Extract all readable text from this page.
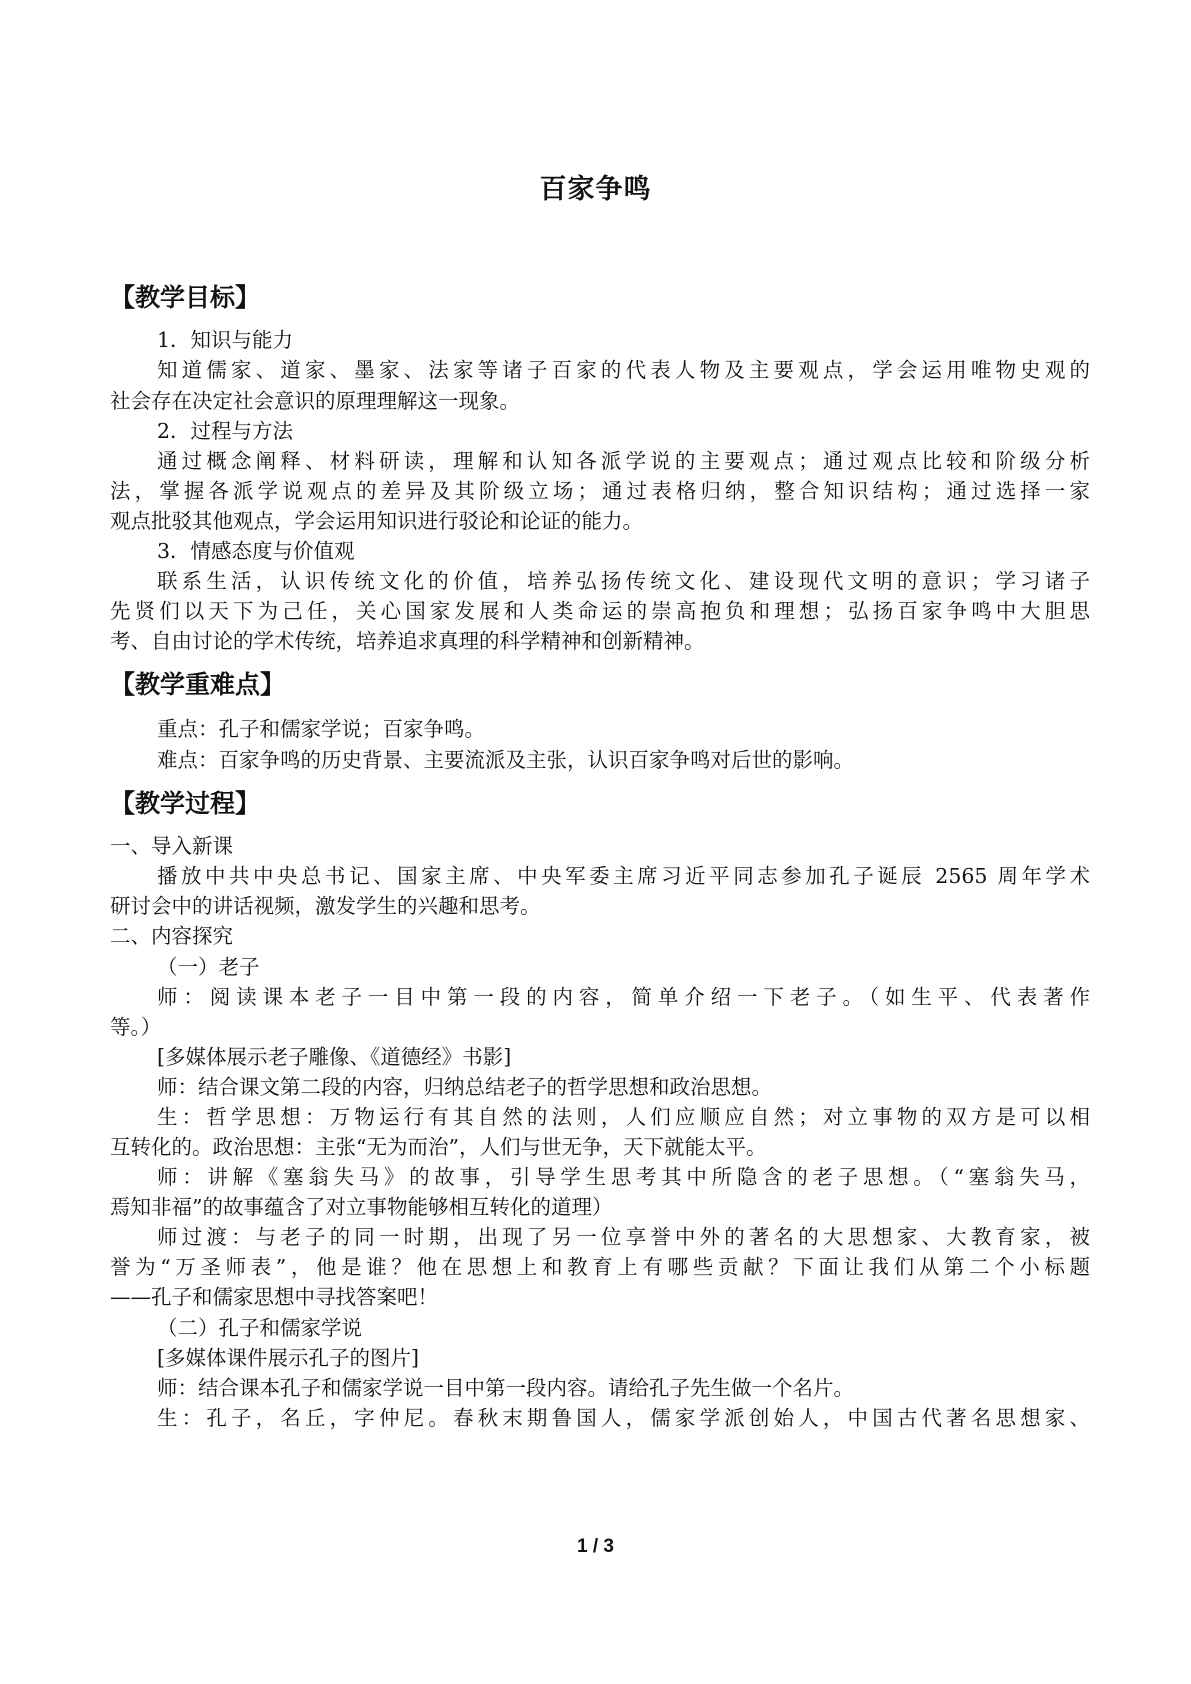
百家争鸣
【教学目标】
1．知识与能力
知道儒家、道家、墨家、法家等诸子百家的代表人物及主要观点，学会运用唯物史观的
社会存在决定社会意识的原理理解这一现象。
2．过程与方法
通过概念阐释、材料研读，理解和认知各派学说的主要观点；通过观点比较和阶级分析
法，掌握各派学说观点的差异及其阶级立场；通过表格归纳，整合知识结构；通过选择一家
观点批驳其他观点，学会运用知识进行驳论和论证的能力。
3．情感态度与价值观
联系生活，认识传统文化的价值，培养弘扬传统文化、建设现代文明的意识；学习诸子
先贤们以天下为己任，关心国家发展和人类命运的崇高抱负和理想；弘扬百家争鸣中大胆思
考、自由讨论的学术传统，培养追求真理的科学精神和创新精神。
【教学重难点】
重点：孔子和儒家学说；百家争鸣。
难点：百家争鸣的历史背景、主要流派及主张，认识百家争鸣对后世的影响。
【教学过程】
一、导入新课
播放中共中央总书记、国家主席、中央军委主席习近平同志参加孔子诞辰 2565 周年学术
研讨会中的讲话视频，激发学生的兴趣和思考。
二、内容探究
（一）老子
师：阅读课本老子一目中第一段的内容，简单介绍一下老子。（如生平、代表著作
等。）
[多媒体展示老子雕像、《道德经》书影]
师：结合课文第二段的内容，归纳总结老子的哲学思想和政治思想。
生：哲学思想：万物运行有其自然的法则，人们应顺应自然；对立事物的双方是可以相
互转化的。政治思想：主张“无为而治”，人们与世无争，天下就能太平。
师：讲解《塞翁失马》的故事，引导学生思考其中所隐含的老子思想。（“塞翁失马，
焉知非福”的故事蕴含了对立事物能够相互转化的道理）
师过渡：与老子的同一时期，出现了另一位享誉中外的著名的大思想家、大教育家，被
誉为“万圣师表”，他是谁？他在思想上和教育上有哪些贡献？下面让我们从第二个小标题
——孔子和儒家思想中寻找答案吧！
（二）孔子和儒家学说
[多媒体课件展示孔子的图片]
师：结合课本孔子和儒家学说一目中第一段内容。请给孔子先生做一个名片。
生：孔子，名丘，字仲尼。春秋末期鲁国人，儒家学派创始人，中国古代著名思想家、
1 / 3
